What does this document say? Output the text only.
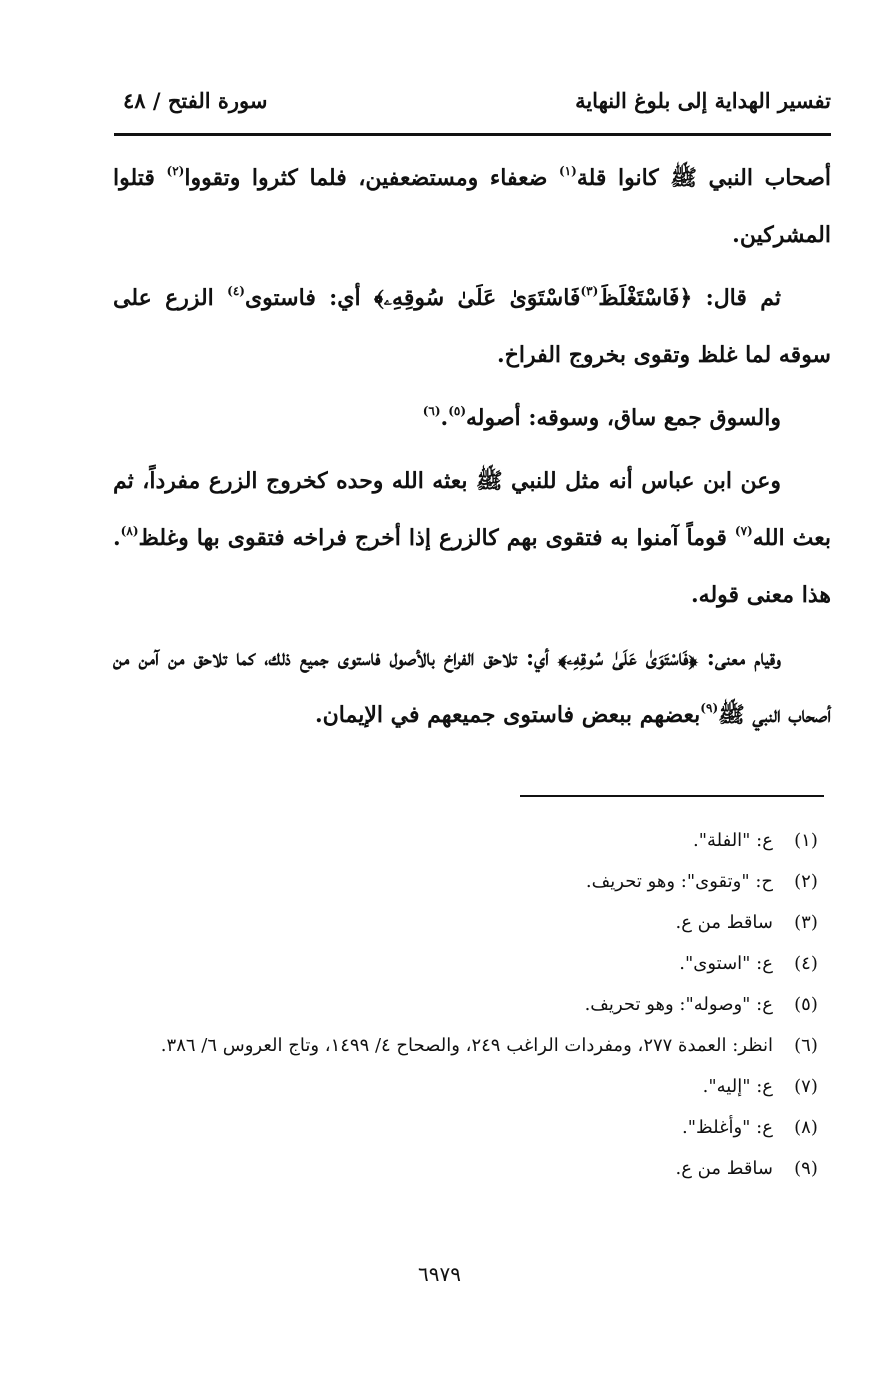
تفسير الهداية إلى بلوغ النهاية
سورة الفتح / ٤٨

أصحاب النبي ﷺ كانوا قلة$^{(١)}$ ضعفاء ومستضعفين، فلما كثروا وتقووا$^{(٢)}$ قتلوا المشركين.

ثم قال: ﴿فَاسْتَغْلَظَ$^{(٣)}$فَاسْتَوَىٰ عَلَىٰ سُوقِهِۦ﴾ أي: فاستوى$^{(٤)}$ الزرع على سوقه لما غلظ وتقوى بخروج الفراخ.

والسوق جمع ساق، وسوقه: أصوله$^{(٥)}$.$^{(٦)}$

وعن ابن عباس أنه مثل للنبي ﷺ بعثه الله وحده كخروج الزرع مفرداً، ثم بعث الله$^{(٧)}$ قوماً آمنوا به فتقوى بهم كالزرع إذا أخرج فراخه فتقوى بها وغلظ$^{(٨)}$. هذا معنى قوله.

وقيام معنى: ﴿فَاسْتَوَىٰ عَلَىٰ سُوقِهِۦ﴾ أي: تلاحق الفراخ بالأصول فاستوى جميع ذلك، كما تلاحق من آمن من أصحاب النبي ﷺ$^{(٩)}$بعضهم ببعض فاستوى جميعهم في الإيمان.

(١)
ع: "الفلة".
(٢)
ح: "وتقوى": وهو تحريف.
(٣)
ساقط من ع.
(٤)
ع: "استوى".
(٥)
ع: "وصوله": وهو تحريف.
(٦)
انظر: العمدة ٢٧٧، ومفردات الراغب ٢٤٩، والصحاح ٤/ ١٤٩٩، وتاج العروس ٦/ ٣٨٦.
(٧)
ع: "إليه".
(٨)
ع: "وأغلظ".
(٩)
ساقط من ع.
٦٩٧٩
